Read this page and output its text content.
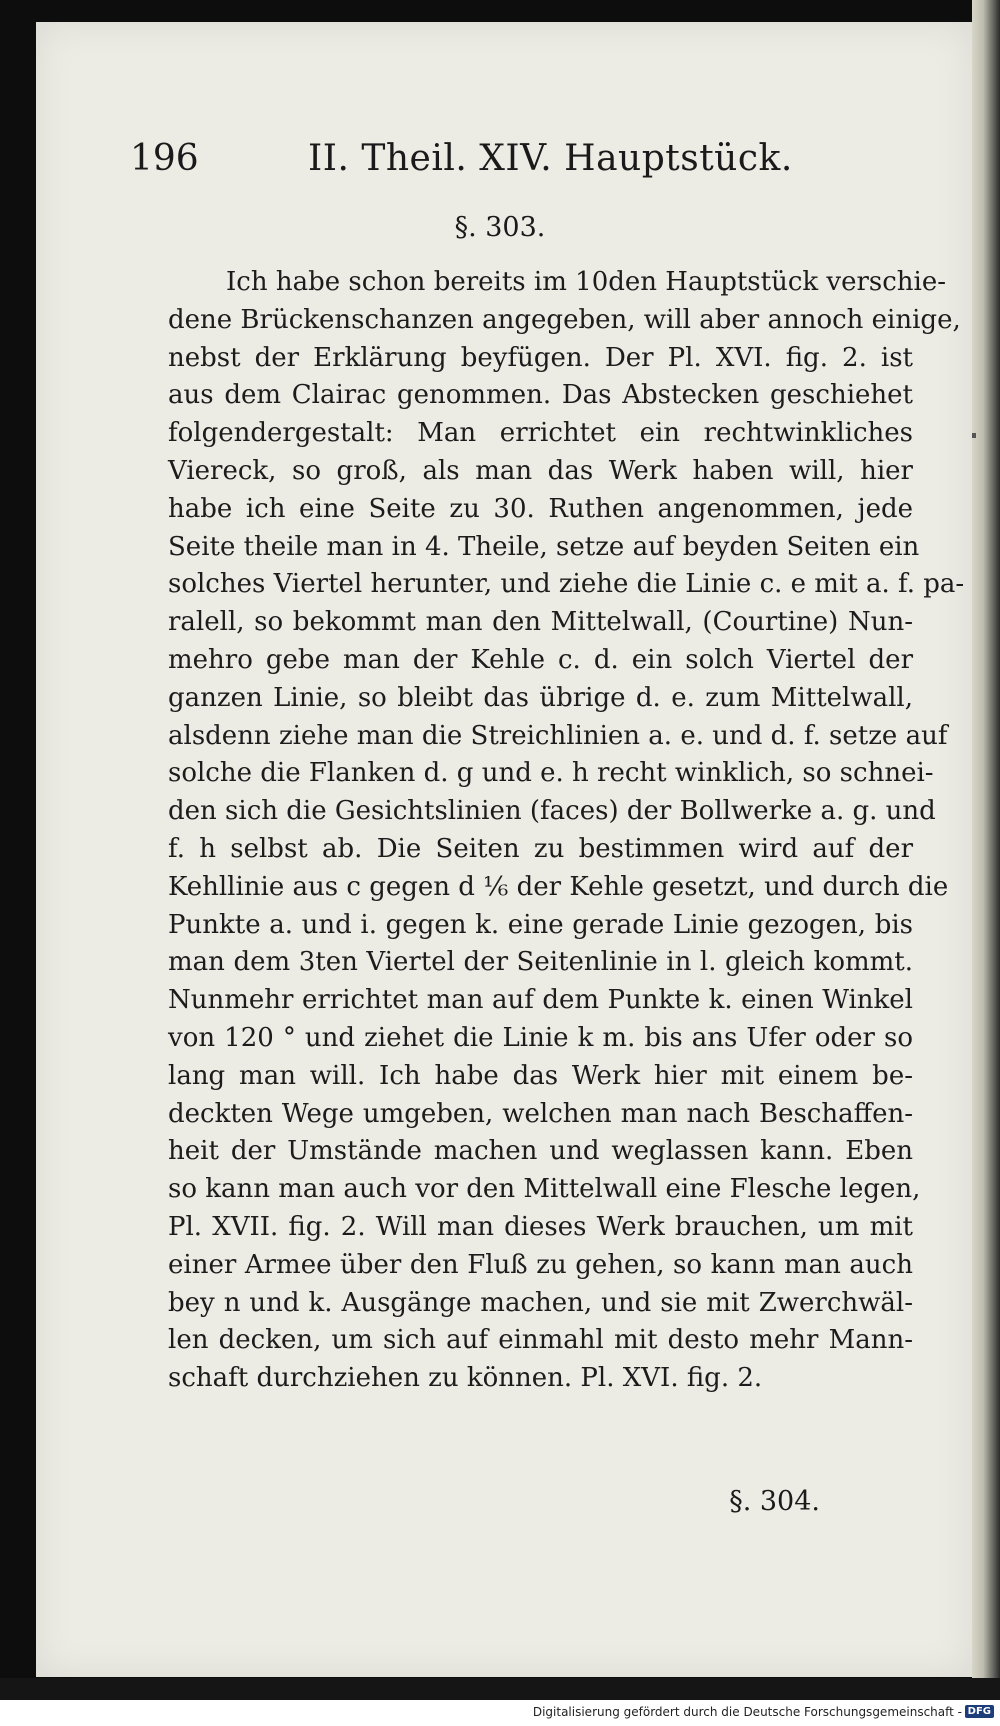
196	II. Theil. XIV. Hauptstück.
§. 303.
Ich habe schon bereits im 10den Hauptstück verschie-
dene Brückenschanzen angegeben, will aber annoch einige,
nebst der Erklärung beyfügen. Der Pl. XVI. fig. 2. ist
aus dem Clairac genommen. Das Abstecken geschiehet
folgendergestalt: Man errichtet ein rechtwinkliches
Viereck, so groß, als man das Werk haben will, hier
habe ich eine Seite zu 30. Ruthen angenommen, jede
Seite theile man in 4. Theile, setze auf beyden Seiten ein
solches Viertel herunter, und ziehe die Linie c. e mit a. f. pa-
ralell, so bekommt man den Mittelwall, (Courtine) Nun-
mehro gebe man der Kehle c. d. ein solch Viertel der
ganzen Linie, so bleibt das übrige d. e. zum Mittelwall,
alsdenn ziehe man die Streichlinien a. e. und d. f. setze auf
solche die Flanken d. g und e. h recht winklich, so schnei-
den sich die Gesichtslinien (faces) der Bollwerke a. g. und
f. h selbst ab. Die Seiten zu bestimmen wird auf der
Kehllinie aus c gegen d ⅙ der Kehle gesetzt, und durch die
Punkte a. und i. gegen k. eine gerade Linie gezogen, bis
man dem 3ten Viertel der Seitenlinie in l. gleich kommt.
Nunmehr errichtet man auf dem Punkte k. einen Winkel
von 120 ° und ziehet die Linie k m. bis ans Ufer oder so
lang man will. Ich habe das Werk hier mit einem be-
deckten Wege umgeben, welchen man nach Beschaffen-
heit der Umstände machen und weglassen kann. Eben
so kann man auch vor den Mittelwall eine Flesche legen,
Pl. XVII. fig. 2. Will man dieses Werk brauchen, um mit
einer Armee über den Fluß zu gehen, so kann man auch
bey n und k. Ausgänge machen, und sie mit Zwerchwäl-
len decken, um sich auf einmahl mit desto mehr Mann-
schaft durchziehen zu können. Pl. XVI. fig. 2.
§. 304.
Digitalisierung gefördert durch die Deutsche Forschungsgemeinschaft - DFG
